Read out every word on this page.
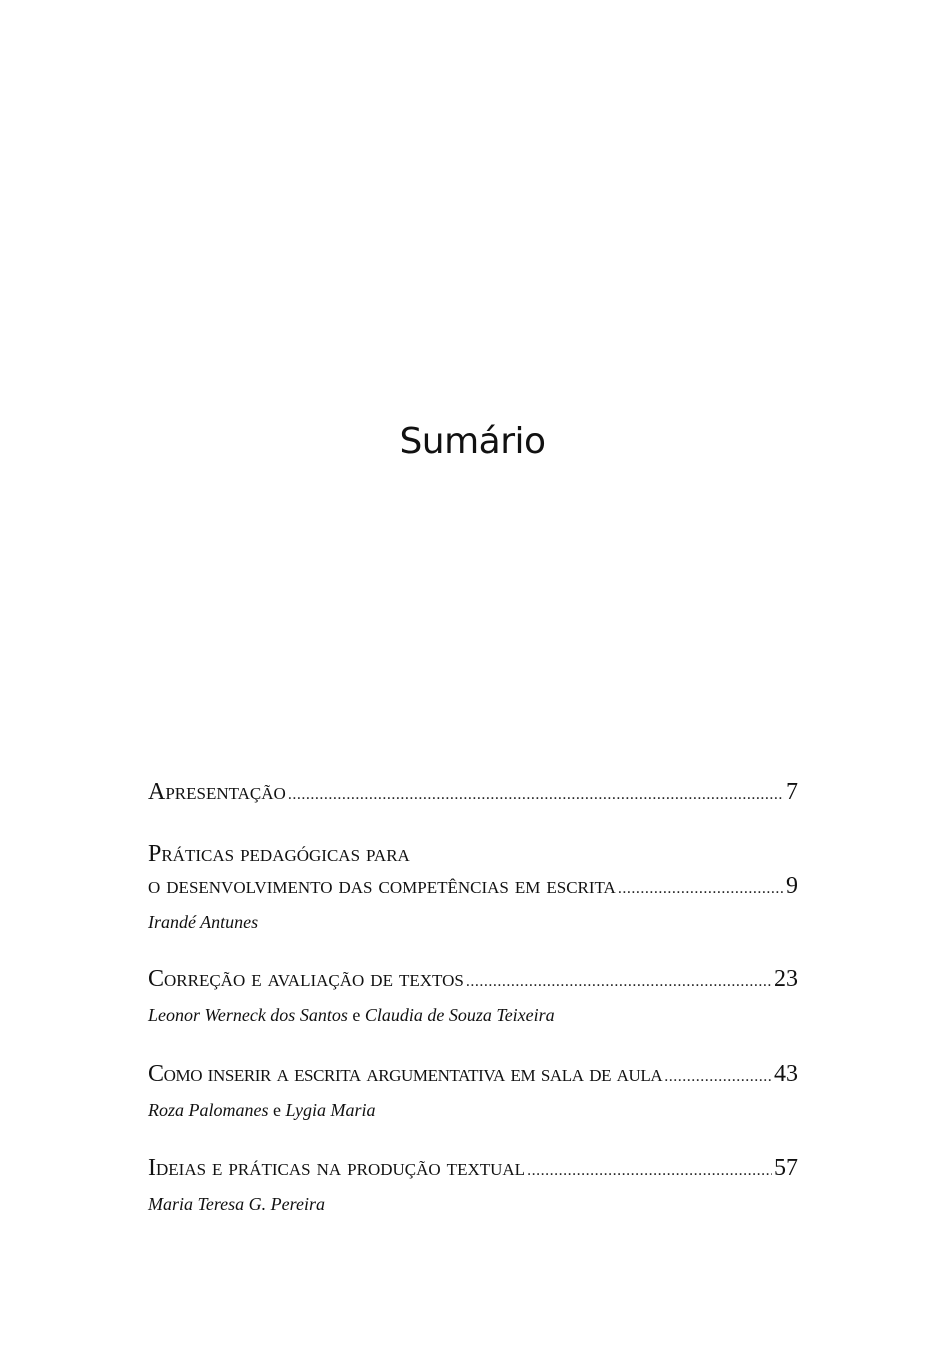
Sumário
Apresentação .....	7
Práticas pedagógicas para
o desenvolvimento das competências em escrita .....	9
Irandé Antunes
Correção e avaliação de textos .....	23
Leonor Werneck dos Santos e Claudia de Souza Teixeira
Como inserir a escrita argumentativa em sala de aula .....	43
Roza Palomanes e Lygia Maria
Ideias e práticas na produção textual .....	57
Maria Teresa G. Pereira
